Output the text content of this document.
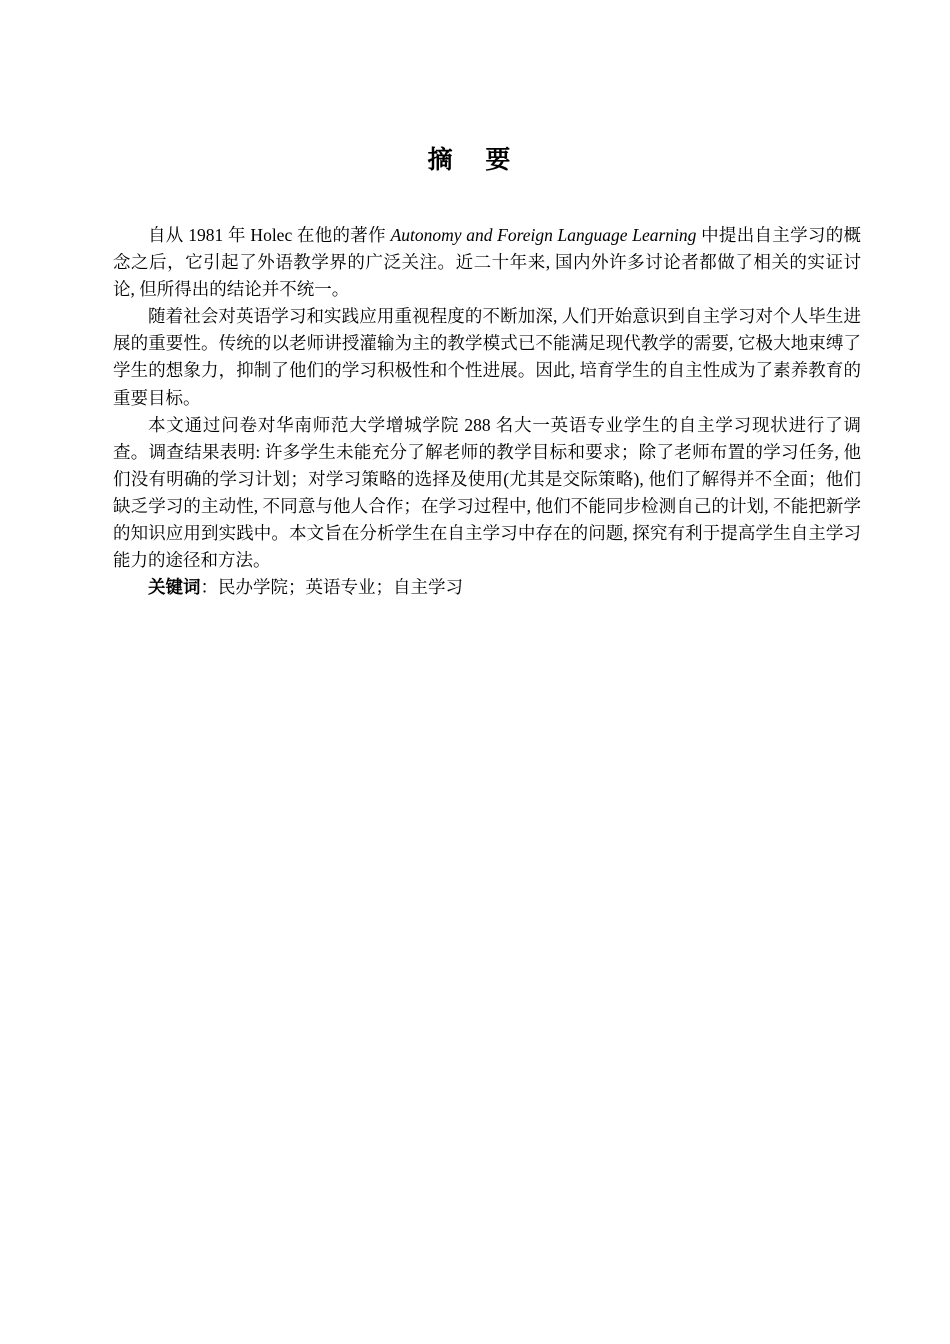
摘 要

自从 1981 年 Holec 在他的著作 Autonomy and Foreign Language Learning 中提出自主学习的概念之后，它引起了外语教学界的广泛关注。近二十年来, 国内外许多讨论者都做了相关的实证讨论, 但所得出的结论并不统一。

随着社会对英语学习和实践应用重视程度的不断加深, 人们开始意识到自主学习对个人毕生进展的重要性。传统的以老师讲授灌输为主的教学模式已不能满足现代教学的需要, 它极大地束缚了学生的想象力，抑制了他们的学习积极性和个性进展。因此, 培育学生的自主性成为了素养教育的重要目标。

本文通过问卷对华南师范大学增城学院 288 名大一英语专业学生的自主学习现状进行了调查。调查结果表明: 许多学生未能充分了解老师的教学目标和要求；除了老师布置的学习任务, 他们没有明确的学习计划；对学习策略的选择及使用(尤其是交际策略), 他们了解得并不全面；他们缺乏学习的主动性, 不同意与他人合作；在学习过程中, 他们不能同步检测自己的计划, 不能把新学的知识应用到实践中。本文旨在分析学生在自主学习中存在的问题, 探究有利于提高学生自主学习能力的途径和方法。

关键词：民办学院；英语专业；自主学习
